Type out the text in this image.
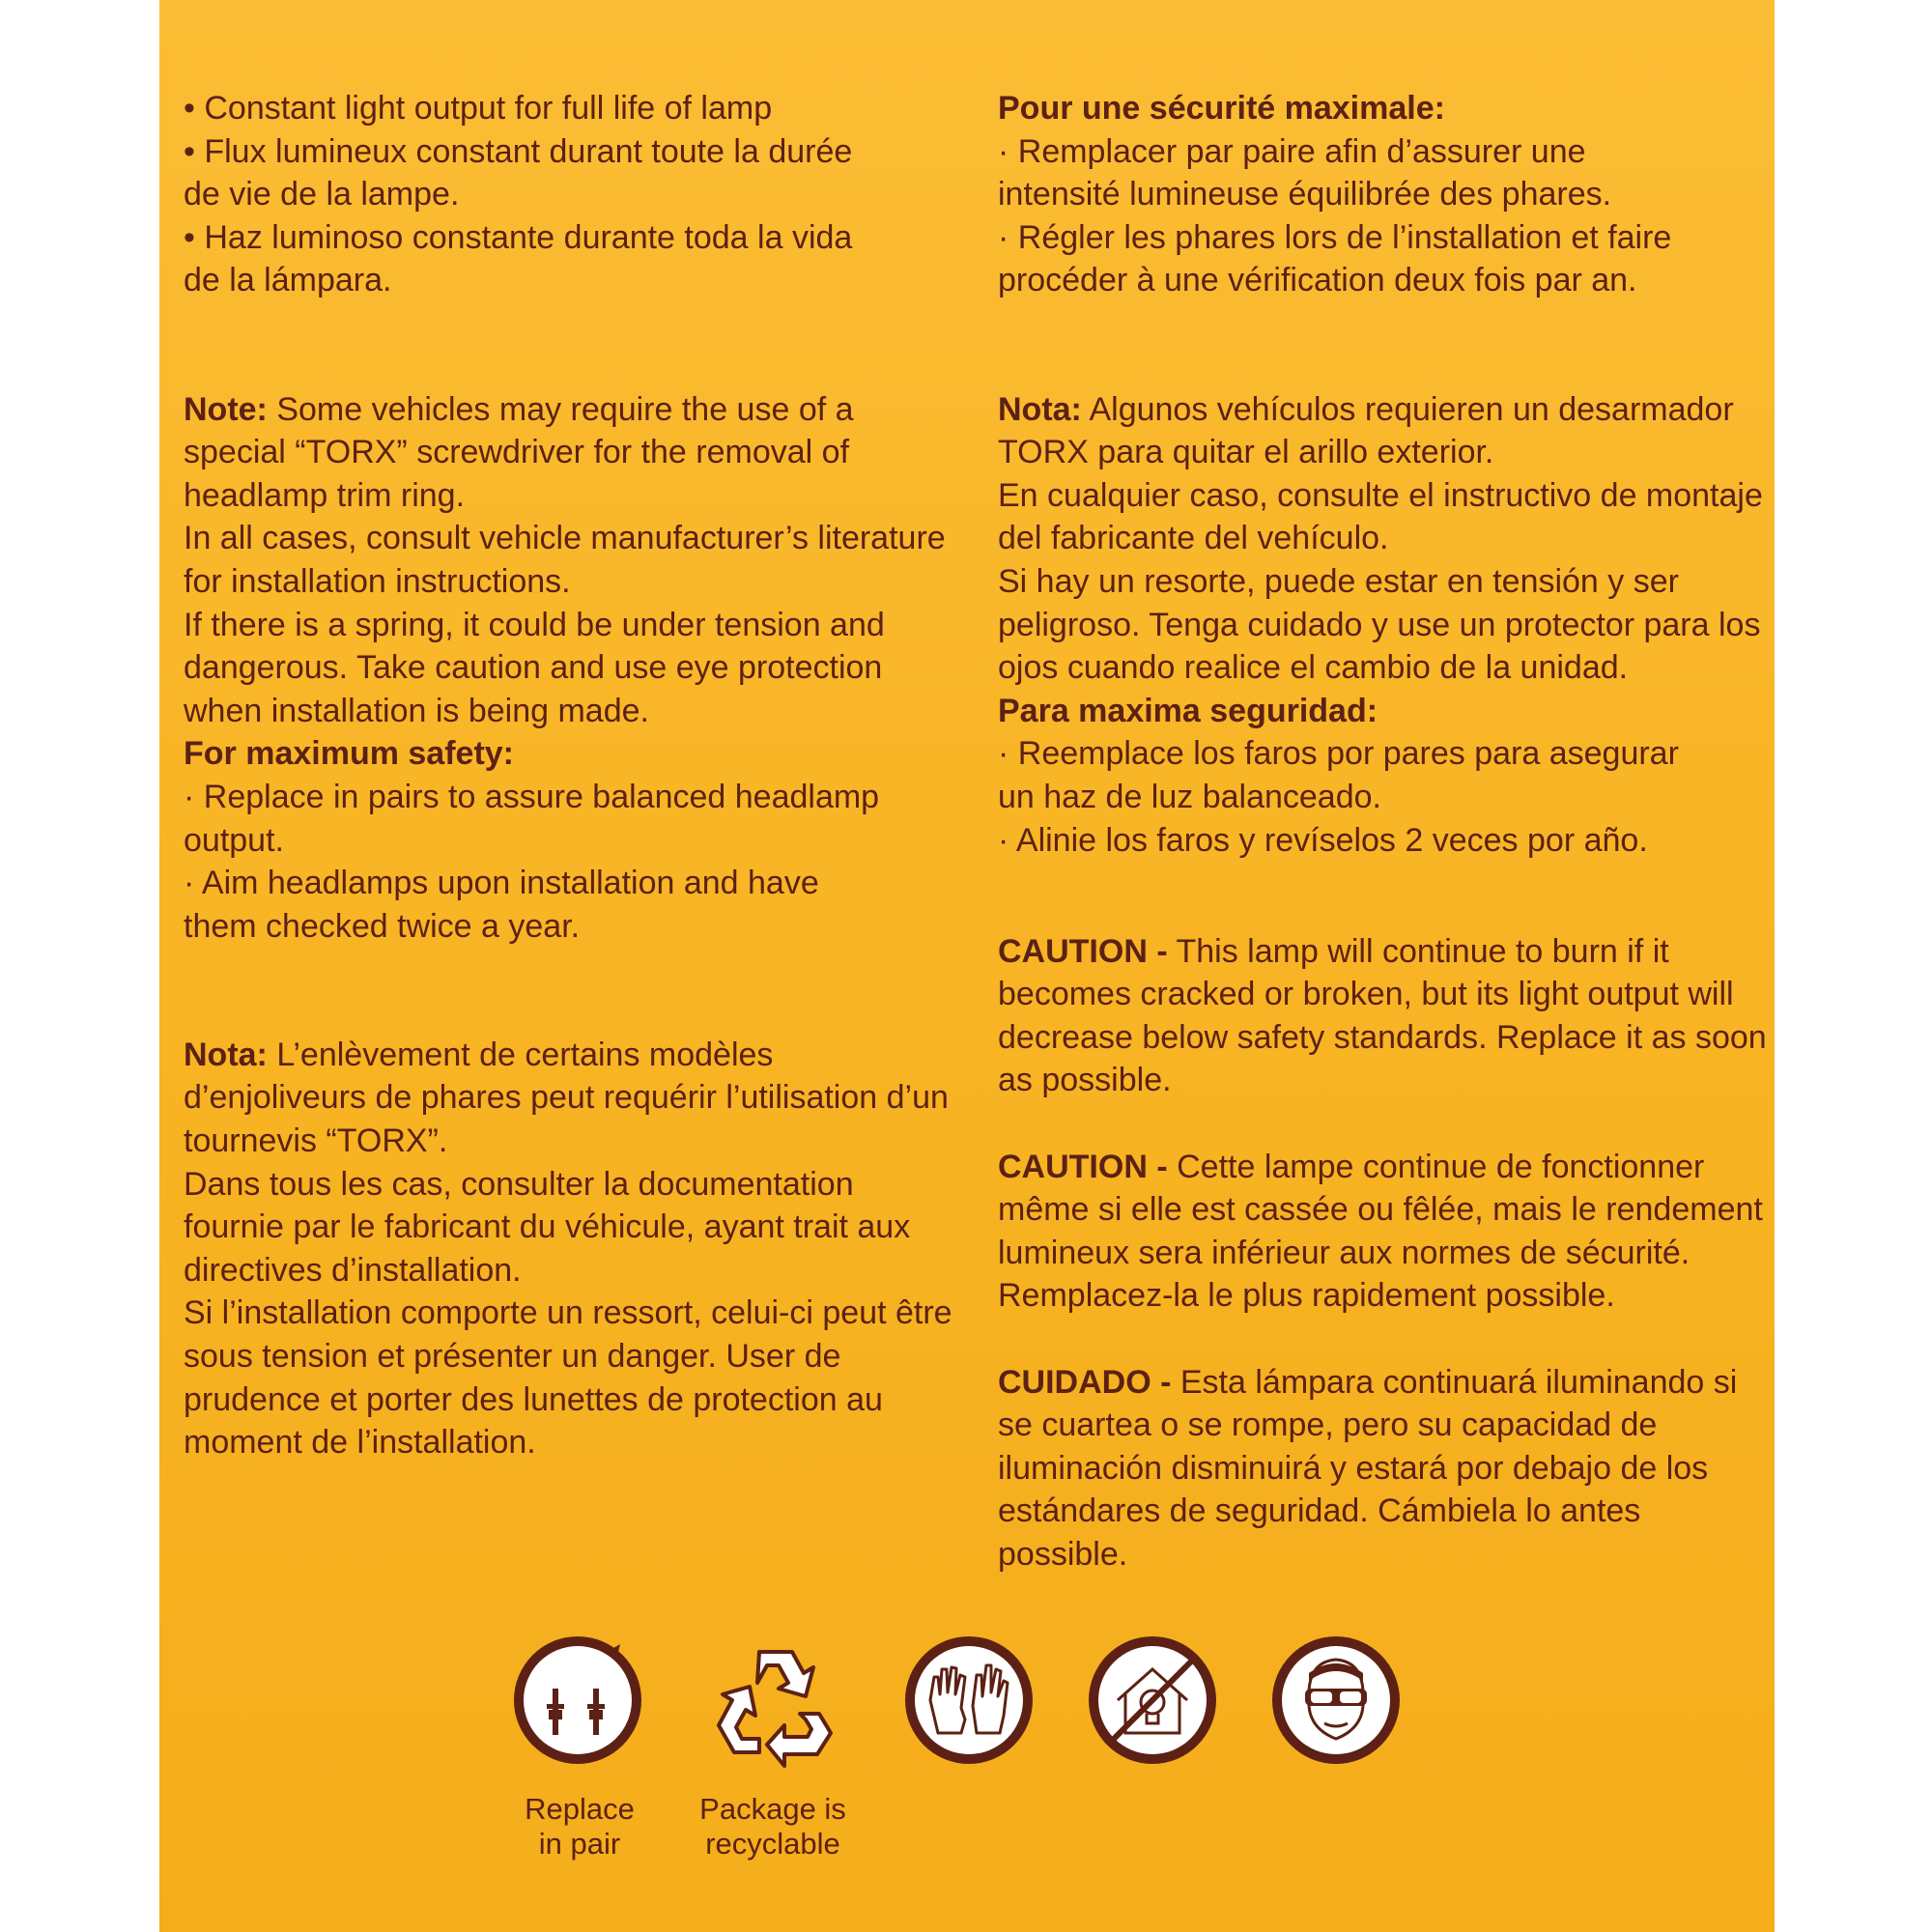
• Constant light output for full life of lamp
• Flux lumineux constant durant toute la durée
de vie de la lampe.
• Haz luminoso constante durante toda la vida
de la lámpara.

Note: Some vehicles may require the use of a special “TORX” screwdriver for the removal of headlamp trim ring.

In all cases, consult vehicle manufacturer’s literature for installation instructions.
If there is a spring, it could be under tension and dangerous. Take caution and use eye protection when installation is being made.
For maximum safety:
· Replace in pairs to assure balanced headlamp
output.
· Aim headlamps upon installation and have
them checked twice a year.

Nota: L’enlèvement de certains modèles d’enjoliveurs de phares peut requérir l’utilisation d’un tournevis “TORX”.

Dans tous les cas, consulter la documentation fournie par le fabricant du véhicule, ayant trait aux directives d’installation.
Si l’installation comporte un ressort, celui-ci peut être sous tension et présenter un danger. User de prudence et porter des lunettes de protection au moment de l’installation.
Pour une sécurité maximale:
· Remplacer par paire afin d’assurer une
intensité lumineuse équilibrée des phares.
· Régler les phares lors de l’installation et faire
procéder à une vérification deux fois par an.

Nota: Algunos vehículos requieren un desarmador TORX para quitar el arillo exterior.

En cualquier caso, consulte el instructivo de montaje del fabricante del vehículo.
Si hay un resorte, puede estar en tensión y ser peligroso. Tenga cuidado y use un protector para los ojos cuando realice el cambio de la unidad.
Para maxima seguridad:
· Reemplace los faros por pares para asegurar
un haz de luz balanceado.
· Alinie los faros y revíselos 2 veces por año.

CAUTION - This lamp will continue to burn if it becomes cracked or broken, but its light output will decrease below safety standards. Replace it as soon as possible.

CAUTION - Cette lampe continue de fonctionner même si elle est cassée ou fêlée, mais le rendement lumineux sera inférieur aux normes de sécurité. Remplacez-la le plus rapidement possible.

CUIDADO - Esta lámpara continuará iluminando si se cuartea o se rompe, pero su capacidad de iluminación disminuirá y estará por debajo de los estándares de seguridad. Cámbiela lo antes possible.

Replace
in pair
Package is
recyclable
